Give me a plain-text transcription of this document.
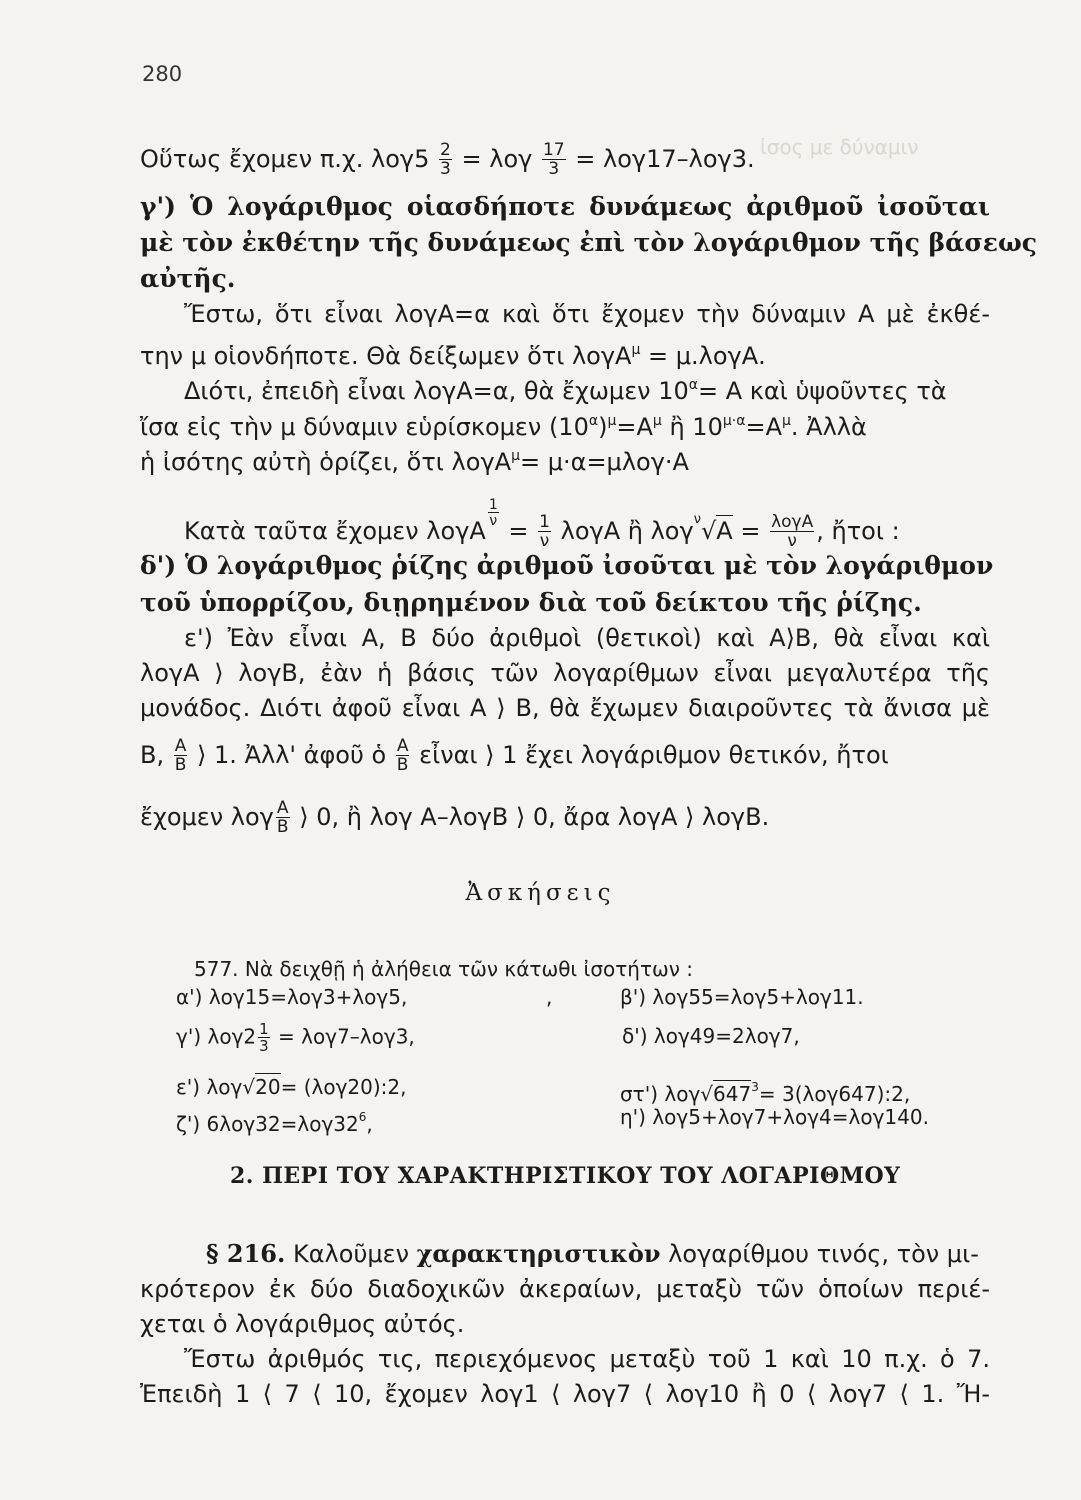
280
ἰσος με δύναμιν
Οὕτως ἔχομεν π.χ. $\lambda o\gamma 5 \frac{2}{3} = \lambda o\gamma \frac{17}{3} = \lambda o\gamma 17-\lambda o\gamma 3$.
γ') Ὁ λογάριθμος οἱασδήποτε δυνάμεως ἀριθμοῦ ἰσοῦται
μὲ τὸν ἐκθέτην τῆς δυνάμεως ἐπὶ τὸν λογάριθμον τῆς βάσεως
αὐτῆς.
Ἔστω, ὅτι εἶναι λογΑ=α καὶ ὅτι ἔχομεν τὴν δύναμιν Α μὲ ἐκθέ-
την μ οἱονδήποτε. Θὰ δείξωμεν ὅτι λογΑ$^\mu$ = μ.λογΑ.
Διότι, ἐπειδὴ εἶναι λογΑ=α, θὰ ἔχωμεν $10^\alpha= A$ καὶ ὑψοῦντες τὰ
ἴσα εἰς τὴν μ δύναμιν εὑρίσκομεν $(10^\alpha)^\mu=A^\mu$ ἢ $10^{\mu\cdot\alpha}=A^\mu$. Ἀλλὰ
ἡ ἰσότης αὐτὴ ὁρίζει, ὅτι λογΑ$^\mu$= μ·α=μλογ·Α
Κατὰ ταῦτα ἔχομεν λογΑ
$\frac{1}{\nu}$
= $\frac{1}{\nu}$ λογΑ ἢ $\lambda o\gamma^\nu√A = \frac{\text{λογΑ}}{\nu}$ , ἤτοι :
δ') Ὁ λογάριθμος ῥίζης ἀριθμοῦ ἰσοῦται μὲ τὸν λογάριθμον
τοῦ ὑπορρίζου, διῃρημένον διὰ τοῦ δείκτου τῆς ῥίζης.
ε') Ἐὰν εἶναι Α, Β δύο ἀριθμοὶ (θετικοὶ) καὶ Α⟩Β, θὰ εἶναι καὶ
λογΑ ⟩ λογΒ, ἐὰν ἡ βάσις τῶν λογαρίθμων εἶναι μεγαλυτέρα τῆς
μονάδος. Διότι ἀφοῦ εἶναι Α ⟩ Β, θὰ ἔχωμεν διαιροῦντες τὰ ἄνισα μὲ
Β, $\frac{A}{B}$ ⟩ 1. Ἀλλ' ἀφοῦ ὁ $\frac{A}{B}$ εἶναι ⟩ 1 ἔχει λογάριθμον θετικόν, ἤτοι
ἔχομεν λογ $\frac{A}{B}$ ⟩ 0, ἢ λογ Α–λογΒ ⟩ 0, ἄρα λογΑ ⟩ λογΒ.
Ἀσκήσεις
577. Νὰ δειχθῇ ἡ ἀλήθεια τῶν κάτωθι ἰσοτήτων :
α') λογ15=λογ3+λογ5,	,	β') λογ55=λογ5+λογ11.
γ') $\lambda o\gamma 2 \frac{1}{3} = \lambda o\gamma 7-\lambda o\gamma 3$,	δ') λογ49=2λογ7,
ε') λογ√20= (λογ20):2,	στ') $\lambda o\gamma√647^3=$ 3(λογ647):2,
ζ') $6\lambda o\gamma 32=\lambda o\gamma 32^6$,	η') λογ5+λογ7+λογ4=λογ140.
2. ΠΕΡΙ ΤΟΥ ΧΑΡΑΚΤΗΡΙΣΤΙΚΟΥ ΤΟΥ ΛΟΓΑΡΙΘΜΟΥ
§ 216. Καλοῦμεν χαρακτηριστικὸν λογαρίθμου τινός, τὸν μι-
κρότερον ἐκ δύο διαδοχικῶν ἀκεραίων, μεταξὺ τῶν ὁποίων περιέ-
χεται ὁ λογάριθμος αὐτός.
Ἔστω ἀριθμός τις, περιεχόμενος μεταξὺ τοῦ 1 καὶ 10 π.χ. ὁ 7.
Ἐπειδὴ 1 ⟨ 7 ⟨ 10, ἔχομεν λογ1 ⟨ λογ7 ⟨ λογ10 ἢ 0 ⟨ λογ7 ⟨ 1. Ἤ-
